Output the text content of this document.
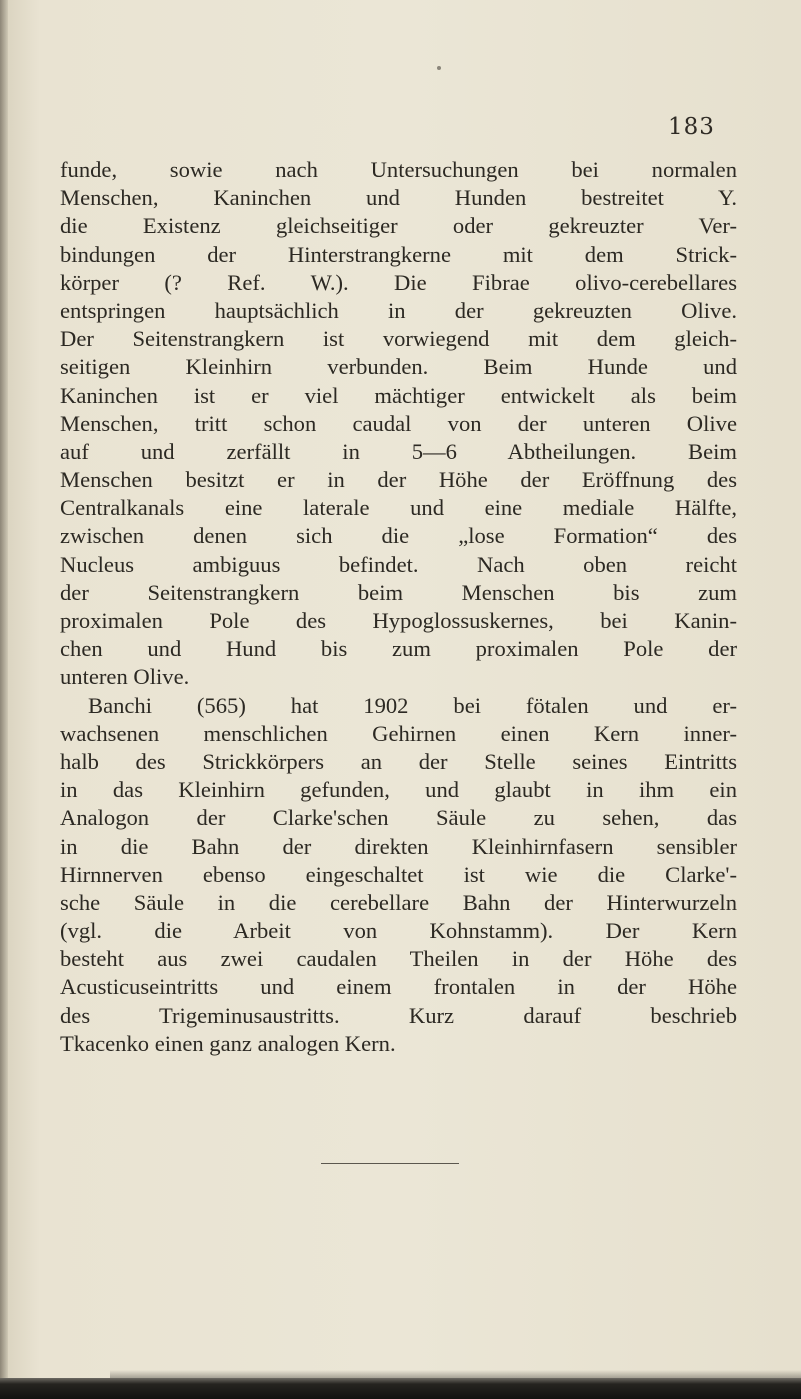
183
funde, sowie nach Untersuchungen bei normalen
Menschen, Kaninchen und Hunden bestreitet Y.
die Existenz gleichseitiger oder gekreuzter Ver-
bindungen der Hinterstrangkerne mit dem Strick-
körper (? Ref. W.). Die Fibrae olivo-cerebellares
entspringen hauptsächlich in der gekreuzten Olive.
Der Seitenstrangkern ist vorwiegend mit dem gleich-
seitigen Kleinhirn verbunden. Beim Hunde und
Kaninchen ist er viel mächtiger entwickelt als beim
Menschen, tritt schon caudal von der unteren Olive
auf und zerfällt in 5—6 Abtheilungen. Beim
Menschen besitzt er in der Höhe der Eröffnung des
Centralkanals eine laterale und eine mediale Hälfte,
zwischen denen sich die „lose Formation“ des
Nucleus ambiguus befindet. Nach oben reicht
der Seitenstrangkern beim Menschen bis zum
proximalen Pole des Hypoglossuskernes, bei Kanin-
chen und Hund bis zum proximalen Pole der
unteren Olive.
Banchi (565) hat 1902 bei fötalen und er-
wachsenen menschlichen Gehirnen einen Kern inner-
halb des Strickkörpers an der Stelle seines Eintritts
in das Kleinhirn gefunden, und glaubt in ihm ein
Analogon der Clarke'schen Säule zu sehen, das
in die Bahn der direkten Kleinhirnfasern sensibler
Hirnnerven ebenso eingeschaltet ist wie die Clarke'-
sche Säule in die cerebellare Bahn der Hinterwurzeln
(vgl. die Arbeit von Kohnstamm). Der Kern
besteht aus zwei caudalen Theilen in der Höhe des
Acusticuseintritts und einem frontalen in der Höhe
des Trigeminusaustritts. Kurz darauf beschrieb
Tkacenko einen ganz analogen Kern.
